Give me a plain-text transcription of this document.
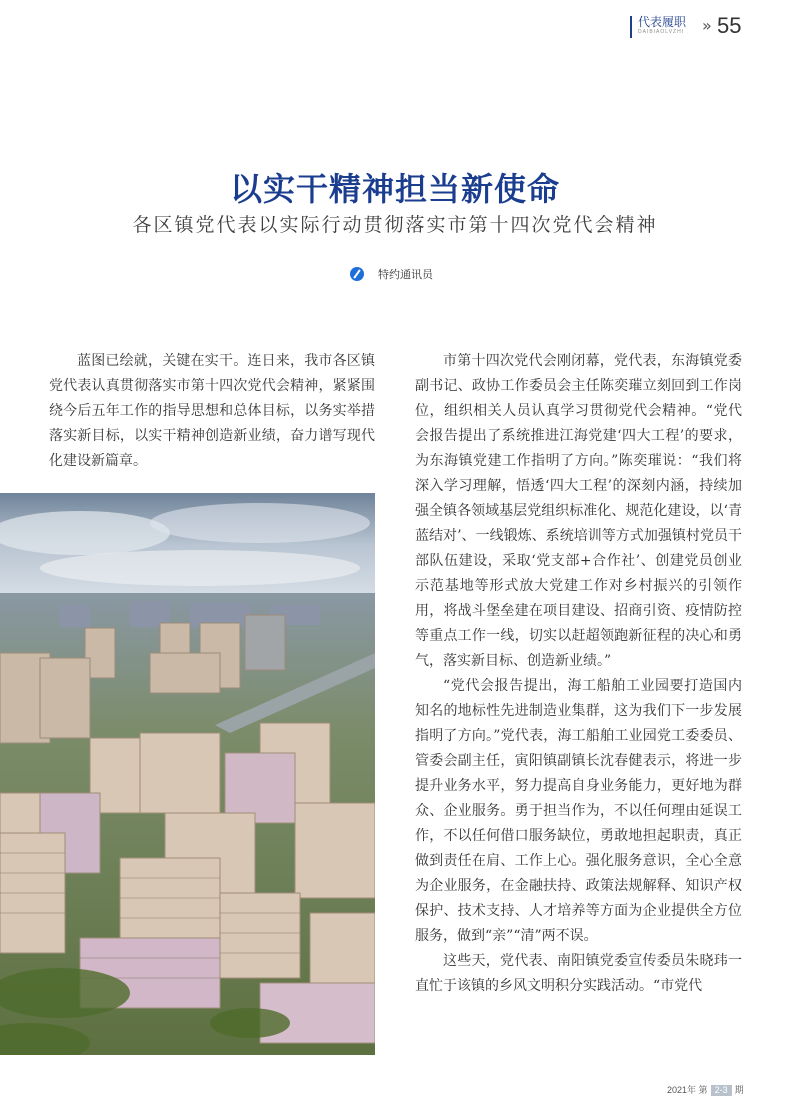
代表履职
DAIBIAOLVZHI » 55
以实干精神担当新使命
各区镇党代表以实际行动贯彻落实市第十四次党代会精神
特约通讯员

蓝图已绘就，关键在实干。连日来，我市各区镇党代表认真贯彻落实市第十四次党代会精神，紧紧围绕今后五年工作的指导思想和总体目标，以务实举措落实新目标，以实干精神创造新业绩，奋力谱写现代化建设新篇章。

市第十四次党代会刚闭幕，党代表，东海镇党委副书记、政协工作委员会主任陈奕璀立刻回到工作岗位，组织相关人员认真学习贯彻党代会精神。“党代会报告提出了系统推进江海党建‘四大工程’的要求，为东海镇党建工作指明了方向。”陈奕璀说：“我们将深入学习理解，悟透‘四大工程’的深刻内涵，持续加强全镇各领域基层党组织标准化、规范化建设，以‘青蓝结对’、一线锻炼、系统培训等方式加强镇村党员干部队伍建设，采取‘党支部+合作社’、创建党员创业示范基地等形式放大党建工作对乡村振兴的引领作用，将战斗堡垒建在项目建设、招商引资、疫情防控等重点工作一线，切实以赶超领跑新征程的决心和勇气，落实新目标、创造新业绩。”

“党代会报告提出，海工船舶工业园要打造国内知名的地标性先进制造业集群，这为我们下一步发展指明了方向。”党代表，海工船舶工业园党工委委员、管委会副主任，寅阳镇副镇长沈春健表示，将进一步提升业务水平，努力提高自身业务能力，更好地为群众、企业服务。勇于担当作为，不以任何理由延误工作，不以任何借口服务缺位，勇敢地担起职责，真正做到责任在肩、工作上心。强化服务意识，全心全意为企业服务，在金融扶持、政策法规解释、知识产权保护、技术支持、人才培养等方面为企业提供全方位服务，做到“亲”“清”两不误。

这些天，党代表、南阳镇党委宣传委员朱晓玮一直忙于该镇的乡风文明积分实践活动。“市党代

2021年 第 2-3 期
